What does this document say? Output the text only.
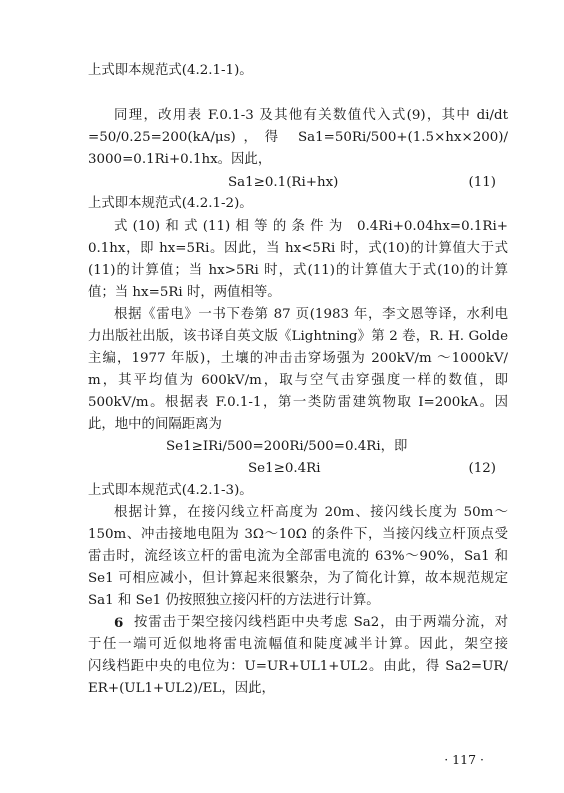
上式即本规范式(4.2.1-1)。
同理，改用表 F.0.1-3 及其他有关数值代入式(9)，其中 di/dt
=50/0.25=200(kA/μs)，得 Sa1=50Ri/500+(1.5×hx×200)/
3000=0.1Ri+0.1hx。因此，
Sa1≥0.1(Ri+hx)	(11)
上式即本规范式(4.2.1-2)。
式(10)和式(11)相等的条件为 0.4Ri+0.04hx=0.1Ri+
0.1hx，即 hx=5Ri。因此，当 hx<5Ri 时，式(10)的计算值大于式
(11)的计算值；当 hx>5Ri 时，式(11)的计算值大于式(10)的计算
值；当 hx=5Ri 时，两值相等。
根据《雷电》一书下卷第 87 页(1983 年，李文恩等译，水利电
力出版社出版，该书译自英文版《Lightning》第 2 卷，R. H. Golde
主编，1977 年版)，土壤的冲击击穿场强为 200kV/m ～1000kV/
m，其平均值为 600kV/m，取与空气击穿强度一样的数值，即
500kV/m。根据表 F.0.1-1，第一类防雷建筑物取 I=200kA。因
此，地中的间隔距离为
Se1≥IRi/500=200Ri/500=0.4Ri，即
Se1≥0.4Ri	(12)
上式即本规范式(4.2.1-3)。
根据计算，在接闪线立杆高度为 20m、接闪线长度为 50m～
150m、冲击接地电阻为 3Ω～10Ω 的条件下，当接闪线立杆顶点受
雷击时，流经该立杆的雷电流为全部雷电流的 63%～90%，Sa1 和
Se1 可相应减小，但计算起来很繁杂，为了简化计算，故本规范规定
Sa1 和 Se1 仍按照独立接闪杆的方法进行计算。
6 按雷击于架空接闪线档距中央考虑 Sa2，由于两端分流，对
于任一端可近似地将雷电流幅值和陡度减半计算。因此，架空接
闪线档距中央的电位为：U=UR+UL1+UL2。由此，得 Sa2=UR/
ER+(UL1+UL2)/EL，因此，
· 117 ·
